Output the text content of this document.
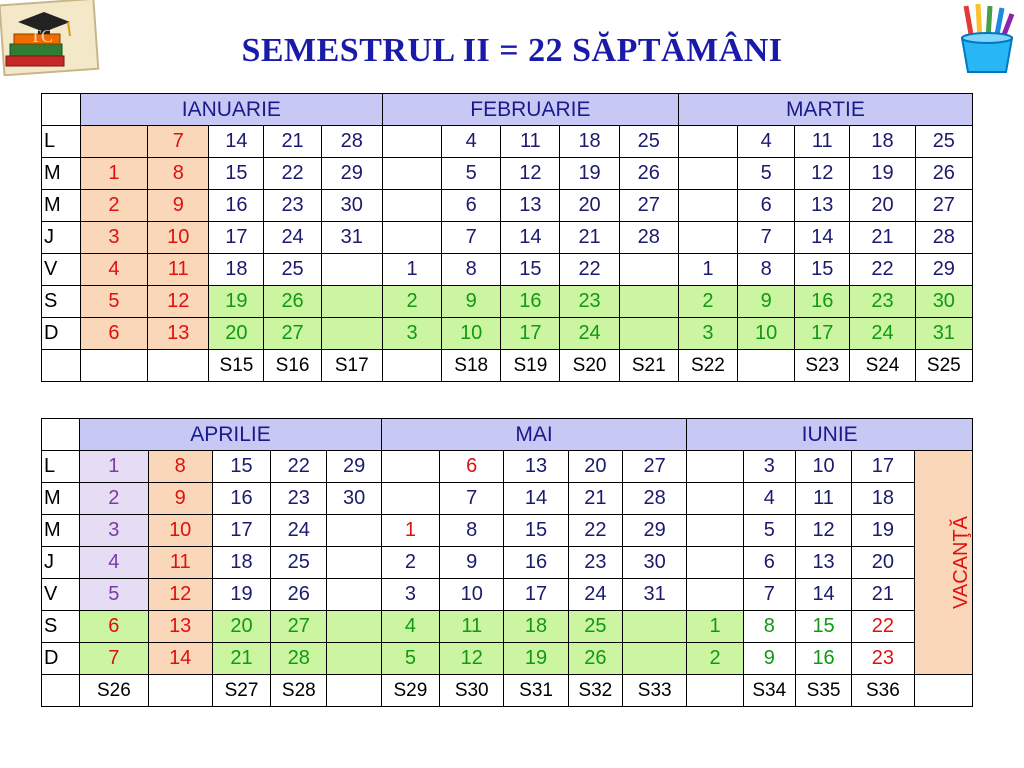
TC	SEMESTRUL II = 22 SĂPTĂMÂNI
	IANUARIE					FEBRUARIE					MARTIE				
L		7	14	21	28		4	11	18	25		4	11	18	25
M	1	8	15	22	29		5	12	19	26		5	12	19	26
M	2	9	16	23	30		6	13	20	27		6	13	20	27
J	3	10	17	24	31		7	14	21	28		7	14	21	28
V	4	11	18	25		1	8	15	22		1	8	15	22	29
S	5	12	19	26		2	9	16	23		2	9	16	23	30
D	6	13	20	27		3	10	17	24		3	10	17	24	31
			S15	S16	S17		S18	S19	S20	S21	S22		S23	S24	S25
	APRILIE					MAI					IUNIE				
L	1	8	15	22	29		6	13	20	27		3	10	17	VACANŢĂ
M	2	9	16	23	30		7	14	21	28		4	11	18	
M	3	10	17	24		1	8	15	22	29		5	12	19	
J	4	11	18	25		2	9	16	23	30		6	13	20	
V	5	12	19	26		3	10	17	24	31		7	14	21	
S	6	13	20	27		4	11	18	25		1	8	15	22	
D	7	14	21	28		5	12	19	26		2	9	16	23	
	S26		S27	S28		S29	S30	S31	S32	S33		S34	S35	S36	
